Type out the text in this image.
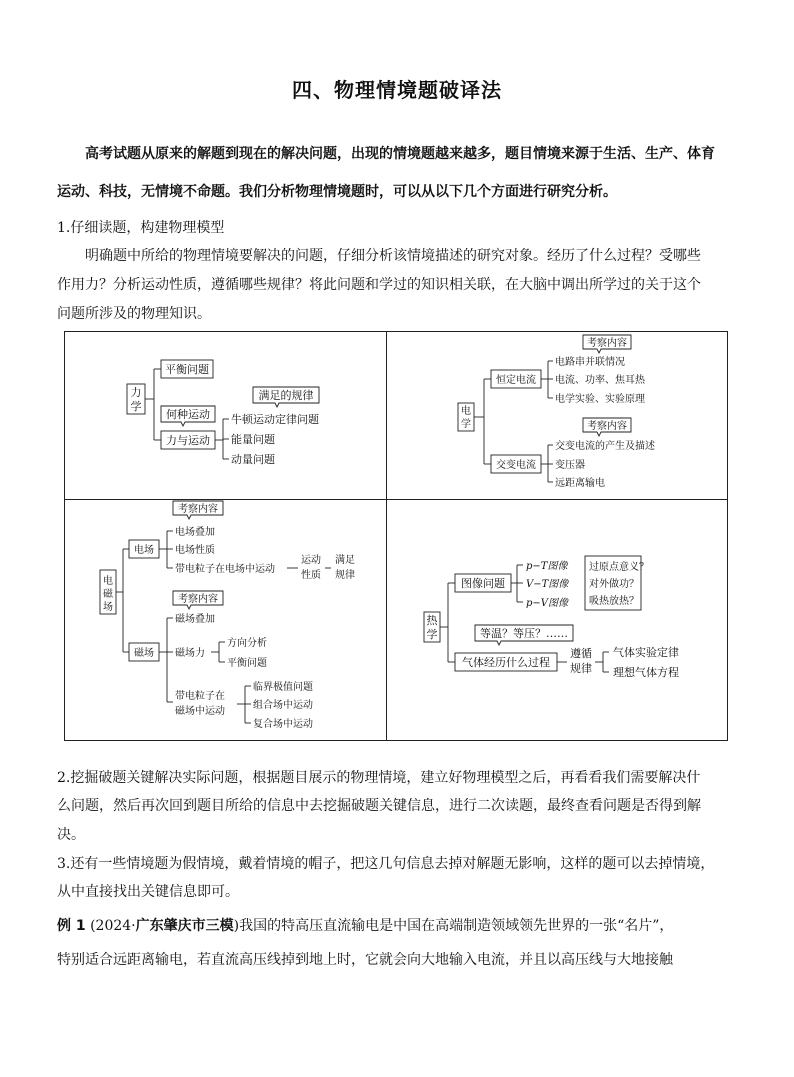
四、物理情境题破译法
高考试题从原来的解题到现在的解决问题，出现的情境题越来越多，题目情境来源于生活、生产、体育
运动、科技，无情境不命题。我们分析物理情境题时，可以从以下几个方面进行研究分析。
1.仔细读题，构建物理模型
明确题中所给的物理情境要解决的问题，仔细分析该情境描述的研究对象。经历了什么过程？受哪些
作用力？分析运动性质，遵循哪些规律？将此问题和学过的知识相关联，在大脑中调出所学过的关于这个
问题所涉及的物理知识。
力
学
平衡问题
何种运动
力与运动
满足的规律
牛顿运动定律问题
能量问题
动量问题
电
学
恒定电流
交变电流
考察内容
考察内容
电路串并联情况
电流、功率、焦耳热
电学实验、实验原理
交变电流的产生及描述
变压器
远距离输电
电
磁
场
电场
磁场
考察内容
考察内容
电场叠加
电场性质
带电粒子在电场中运动
运动
性质
满足
规律
磁场叠加
磁场力
方向分析
平衡问题
带电粒子在
磁场中运动
临界极值问题
组合场中运动
复合场中运动
热
学
图像问题
p−T图像
V−T图像
p−V图像
过原点意义？
对外做功？
吸热放热？
等温？等压？……
气体经历什么过程
遵循
规律
气体实验定律
理想气体方程
2.挖掘破题关键解决实际问题，根据题目展示的物理情境，建立好物理模型之后，再看看我们需要解决什
么问题，然后再次回到题目所给的信息中去挖掘破题关键信息，进行二次读题，最终查看问题是否得到解
决。
3.还有一些情境题为假情境，戴着情境的帽子，把这几句信息去掉对解题无影响，这样的题可以去掉情境，
从中直接找出关键信息即可。
例 1 (2024·广东肇庆市三模)我国的特高压直流输电是中国在高端制造领域领先世界的一张“名片”，
特别适合远距离输电，若直流高压线掉到地上时，它就会向大地输入电流，并且以高压线与大地接触
